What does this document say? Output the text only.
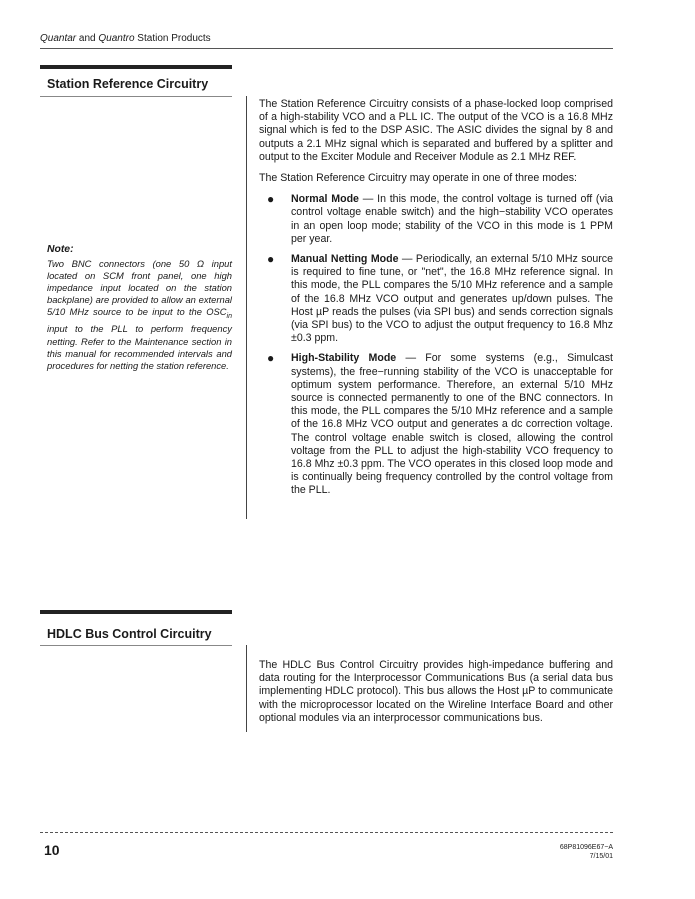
Quantar and Quantro Station Products
Station Reference Circuitry

The Station Reference Circuitry consists of a phase-locked loop comprised of a high-stability VCO and a PLL IC. The output of the VCO is a 16.8 MHz signal which is fed to the DSP ASIC. The ASIC divides the signal by 8 and outputs a 2.1 MHz signal which is separated and buffered by a splitter and output to the Exciter Module and Receiver Module as 2.1 MHz REF.

The Station Reference Circuitry may operate in one of three modes:

● Normal Mode — In this mode, the control voltage is turned off (via control voltage enable switch) and the high−stability VCO operates in an open loop mode; stability of the VCO in this mode is 1 PPM per year.
● Manual Netting Mode — Periodically, an external 5/10 MHz source is required to fine tune, or "net", the 16.8 MHz reference signal. In this mode, the PLL compares the 5/10 MHz reference and a sample of the 16.8 MHz VCO output and generates up/down pulses. The Host µP reads the pulses (via SPI bus) and sends correction signals (via SPI bus) to the VCO to adjust the output frequency to 16.8 Mhz ±0.3 ppm.
● High-Stability Mode — For some systems (e.g., Simulcast systems), the free−running stability of the VCO is unacceptable for optimum system performance. Therefore, an external 5/10 MHz source is connected permanently to one of the BNC connectors. In this mode, the PLL compares the 5/10 MHz reference and a sample of the 16.8 MHz VCO output and generates a dc correction voltage. The control voltage enable switch is closed, allowing the control voltage from the PLL to adjust the high-stability VCO frequency to 16.8 Mhz ±0.3 ppm. The VCO operates in this closed loop mode and is continually being frequency controlled by the control voltage from the PLL.
Note:
Two BNC connectors (one 50 Ω input located on SCM front panel, one high impedance input located on the station backplane) are provided to allow an external 5/10 MHz source to be input to the $OSC_{in}$ input to the PLL to perform frequency netting. Refer to the Maintenance section in this manual for recommended intervals and procedures for netting the station reference.
HDLC Bus Control Circuitry

The HDLC Bus Control Circuitry provides high-impedance buffering and data routing for the Interprocessor Communications Bus (a serial data bus implementing HDLC protocol). This bus allows the Host µP to communicate with the microprocessor located on the Wireline Interface Board and other optional modules via an interprocessor communications bus.

10	68P81096E67−A
7/15/01
